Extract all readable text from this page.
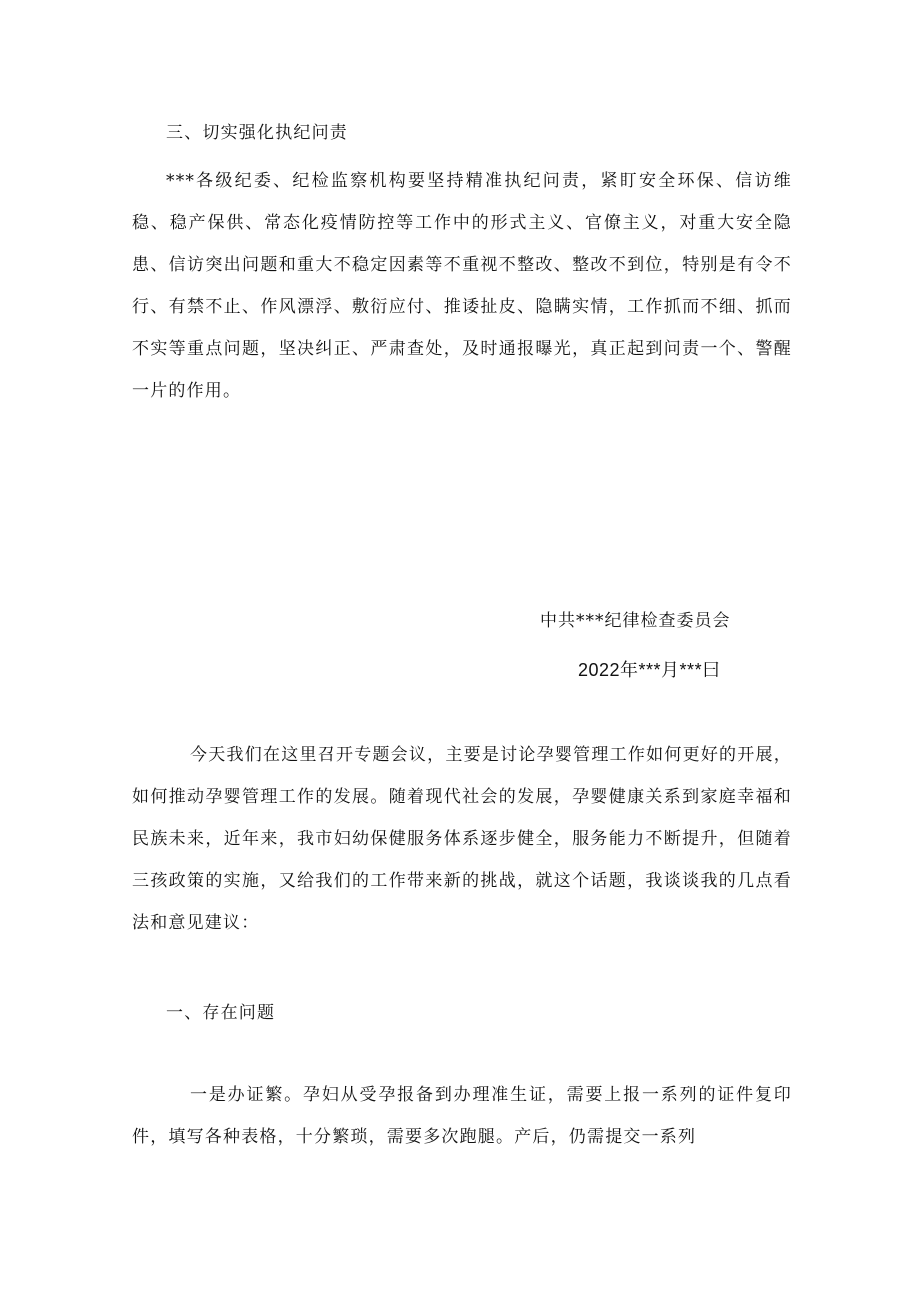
三、切实强化执纪问责

***各级纪委、纪检监察机构要坚持精准执纪问责，紧盯安全环保、信访维稳、稳产保供、常态化疫情防控等工作中的形式主义、官僚主义，对重大安全隐患、信访突出问题和重大不稳定因素等不重视不整改、整改不到位，特别是有令不行、有禁不止、作风漂浮、敷衍应付、推诿扯皮、隐瞒实情，工作抓而不细、抓而不实等重点问题，坚决纠正、严肃查处，及时通报曝光，真正起到问责一个、警醒一片的作用。

中共***纪律检查委员会
2022年***月***曰

今天我们在这里召开专题会议，主要是讨论孕婴管理工作如何更好的开展，如何推动孕婴管理工作的发展。随着现代社会的发展，孕婴健康关系到家庭幸福和民族未来，近年来，我市妇幼保健服务体系逐步健全，服务能力不断提升，但随着三孩政策的实施，又给我们的工作带来新的挑战，就这个话题，我谈谈我的几点看法和意见建议：

一、存在问题

一是办证繁。孕妇从受孕报备到办理准生证，需要上报一系列的证件复印件，填写各种表格，十分繁琐，需要多次跑腿。产后，仍需提交一系列
